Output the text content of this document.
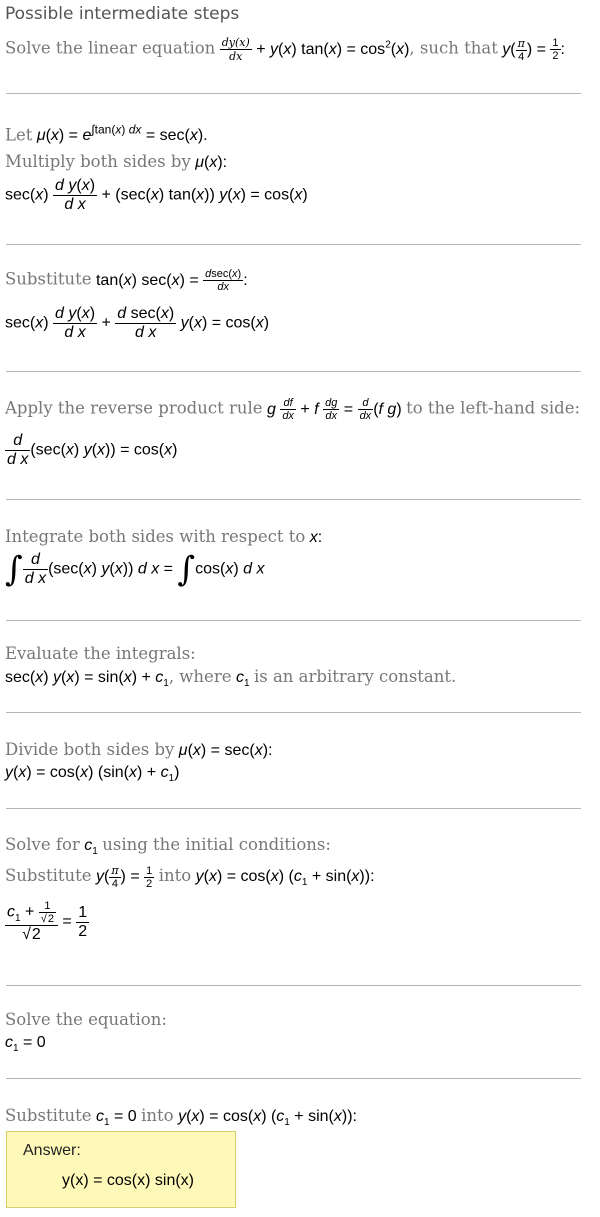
Possible intermediate steps
Solve the linear equation $\frac{dy(x)}{dx} + y(x) \tan(x) = \cos^2(x)$, such that $y( \frac{\pi}{4}$ ) = $\frac{1}{2}$ :
Let $\mu(x) = e^{\int tan(x) dx} = \sec(x)$.
Multiply both sides by μ(x):
$\sec(x) \frac{\text{d y(x)}}{\text{d x}} + (\sec(x)$ tan(x)) y(x) = cos(x)
Substitute tan(x) $\sec(x) = \frac{dsec(x)}{dx}$ :
$\sec(x) \frac{\text{d y(x)}}{\text{d x}} + \frac{\text{d sec(x)}}{\text{d x}} y(x) = \cos(x)$
Apply the reverse product rule g $\frac{df}{dx} + f \frac{dg}{dx} = \frac{d}{dx} (f$ g) to the left-hand side:
$\frac{d}{\text{d x}} (\sec(x) y(x)) = \cos(x)$
Integrate both sides with respect to x:
∫ $\frac{d}{\text{d x}} (\sec(x)$ y(x)) d x = ∫cos(x) d x
Evaluate the integrals:
sec(x) $y(x) = \sin(x) + c_1$, where $c_1$ is an arbitrary constant.
Divide both sides by μ(x) = sec(x):
y(x) = cos(x) $(\sin(x) + c_1)$
Solve for $c_1$ using the initial conditions:
Substitute $y( \frac{\pi}{4}$ ) = $\frac{1}{2}$ into y(x) = cos(x) $(c_1 + \sin(x))$:
$\frac{c_1 + \frac{1}{√2}}{√2} = \frac{1}{2}$
Solve the equation:
$c_1 = 0$
Substitute $c_1 = 0$ into y(x) = cos(x) $(c_1 + \sin(x))$:
Answer:
y(x) = cos(x) sin(x)
